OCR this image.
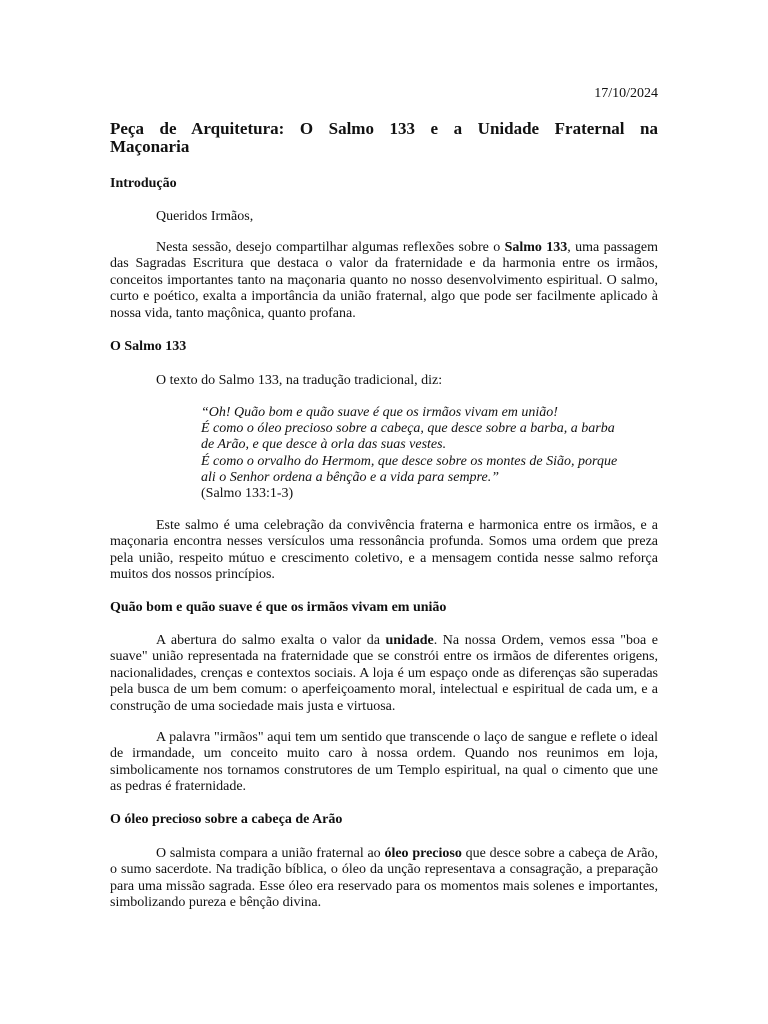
17/10/2024
Peça de Arquitetura: O Salmo 133 e a Unidade Fraternal na
Maçonaria
Introdução
Queridos Irmãos,

Nesta sessão, desejo compartilhar algumas reflexões sobre o Salmo 133, uma passagem das Sagradas Escritura que destaca o valor da fraternidade e da harmonia entre os irmãos, conceitos importantes tanto na maçonaria quanto no nosso desenvolvimento espiritual. O salmo, curto e poético, exalta a importância da união fraternal, algo que pode ser facilmente aplicado à nossa vida, tanto maçônica, quanto profana.

O Salmo 133
O texto do Salmo 133, na tradução tradicional, diz:
“Oh! Quão bom e quão suave é que os irmãos vivam em união!
É como o óleo precioso sobre a cabeça, que desce sobre a barba, a barba
de Arão, e que desce à orla das suas vestes.
É como o orvalho do Hermom, que desce sobre os montes de Sião, porque
ali o Senhor ordena a bênção e a vida para sempre.”
(Salmo 133:1-3)

Este salmo é uma celebração da convivência fraterna e harmonica entre os irmãos, e a maçonaria encontra nesses versículos uma ressonância profunda. Somos uma ordem que preza pela união, respeito mútuo e crescimento coletivo, e a mensagem contida nesse salmo reforça muitos dos nossos princípios.

Quão bom e quão suave é que os irmãos vivam em união

A abertura do salmo exalta o valor da unidade. Na nossa Ordem, vemos essa "boa e suave" união representada na fraternidade que se constrói entre os irmãos de diferentes origens, nacionalidades, crenças e contextos sociais. A loja é um espaço onde as diferenças são superadas pela busca de um bem comum: o aperfeiçoamento moral, intelectual e espiritual de cada um, e a construção de uma sociedade mais justa e virtuosa.

A palavra "irmãos" aqui tem um sentido que transcende o laço de sangue e reflete o ideal de irmandade, um conceito muito caro à nossa ordem. Quando nos reunimos em loja, simbolicamente nos tornamos construtores de um Templo espiritual, na qual o cimento que une as pedras é fraternidade.

O óleo precioso sobre a cabeça de Arão

O salmista compara a união fraternal ao óleo precioso que desce sobre a cabeça de Arão, o sumo sacerdote. Na tradição bíblica, o óleo da unção representava a consagração, a preparação para uma missão sagrada. Esse óleo era reservado para os momentos mais solenes e importantes, simbolizando pureza e bênção divina.
